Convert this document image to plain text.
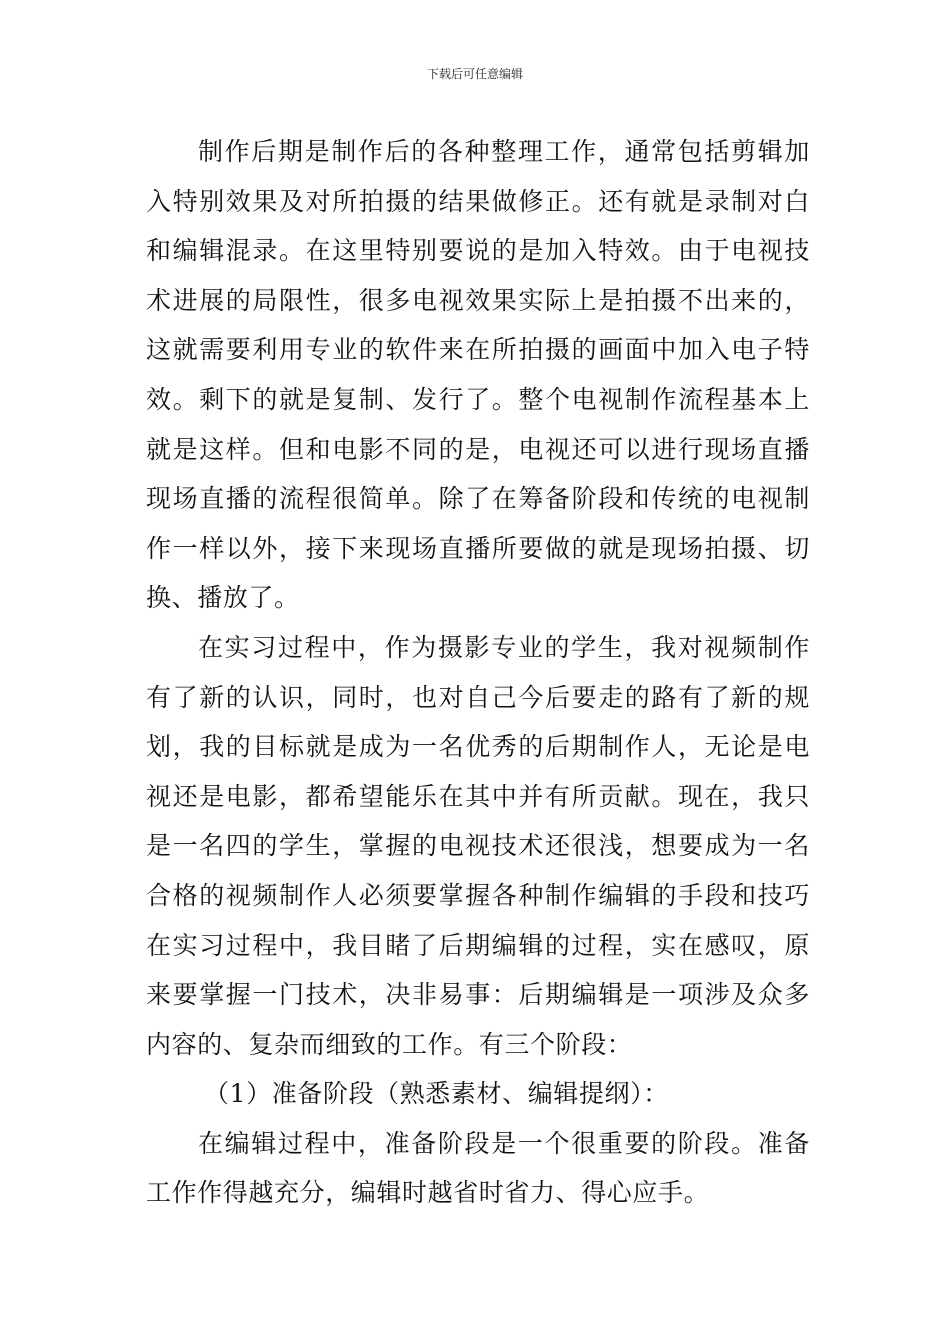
下载后可任意编辑

制作后期是制作后的各种整理工作，通常包括剪辑加入特别效果及对所拍摄的结果做修正。还有就是录制对白和编辑混录。在这里特别要说的是加入特效。由于电视技术进展的局限性，很多电视效果实际上是拍摄不出来的，这就需要利用专业的软件来在所拍摄的画面中加入电子特效。剩下的就是复制、发行了。整个电视制作流程基本上就是这样。但和电影不同的是，电视还可以进行现场直播现场直播的流程很简单。除了在筹备阶段和传统的电视制作一样以外，接下来现场直播所要做的就是现场拍摄、切换、播放了。

在实习过程中，作为摄影专业的学生，我对视频制作有了新的认识，同时，也对自己今后要走的路有了新的规划，我的目标就是成为一名优秀的后期制作人，无论是电视还是电影，都希望能乐在其中并有所贡献。现在，我只是一名四的学生，掌握的电视技术还很浅，想要成为一名合格的视频制作人必须要掌握各种制作编辑的手段和技巧在实习过程中，我目睹了后期编辑的过程，实在感叹，原来要掌握一门技术，决非易事：后期编辑是一项涉及众多内容的、复杂而细致的工作。有三个阶段：

（1）准备阶段（熟悉素材、编辑提纲）：

在编辑过程中，准备阶段是一个很重要的阶段。准备工作作得越充分，编辑时越省时省力、得心应手。
